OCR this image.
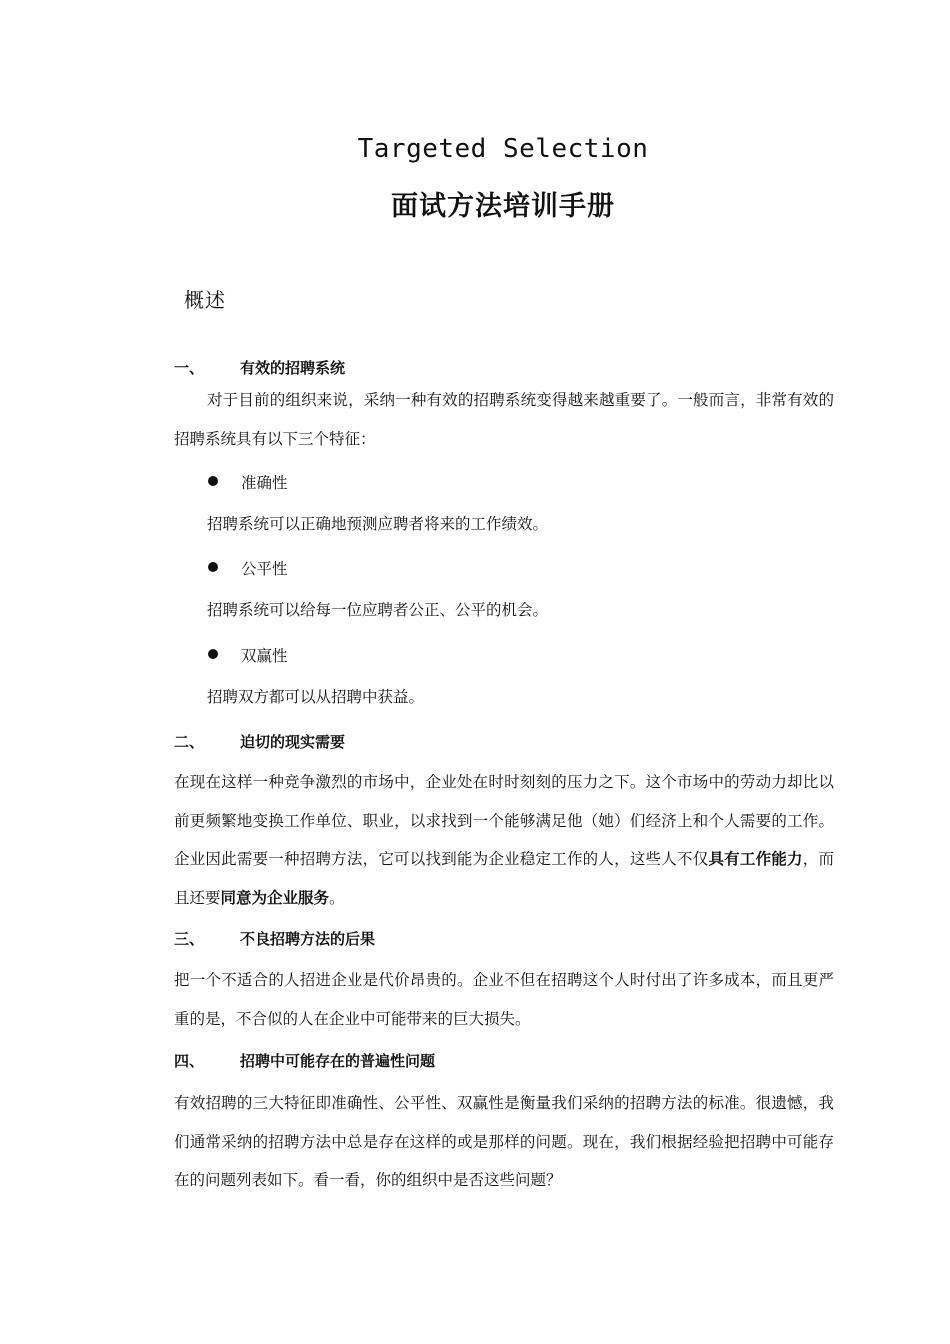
Targeted Selection
面试方法培训手册
概述
一、 有效的招聘系统
对于目前的组织来说，采纳一种有效的招聘系统变得越来越重要了。一般而言，非常有效的招聘系统具有以下三个特征：
准确性
招聘系统可以正确地预测应聘者将来的工作绩效。
公平性
招聘系统可以给每一位应聘者公正、公平的机会。
双赢性
招聘双方都可以从招聘中获益。
二、 迫切的现实需要
在现在这样一种竞争激烈的市场中，企业处在时时刻刻的压力之下。这个市场中的劳动力却比以前更频繁地变换工作单位、职业，以求找到一个能够满足他（她）们经济上和个人需要的工作。企业因此需要一种招聘方法，它可以找到能为企业稳定工作的人，这些人不仅具有工作能力，而且还要同意为企业服务。
三、 不良招聘方法的后果
把一个不适合的人招进企业是代价昂贵的。企业不但在招聘这个人时付出了许多成本，而且更严重的是，不合似的人在企业中可能带来的巨大损失。
四、 招聘中可能存在的普遍性问题
有效招聘的三大特征即准确性、公平性、双赢性是衡量我们采纳的招聘方法的标准。很遗憾，我们通常采纳的招聘方法中总是存在这样的或是那样的问题。现在，我们根据经验把招聘中可能存在的问题列表如下。看一看，你的组织中是否这些问题？
